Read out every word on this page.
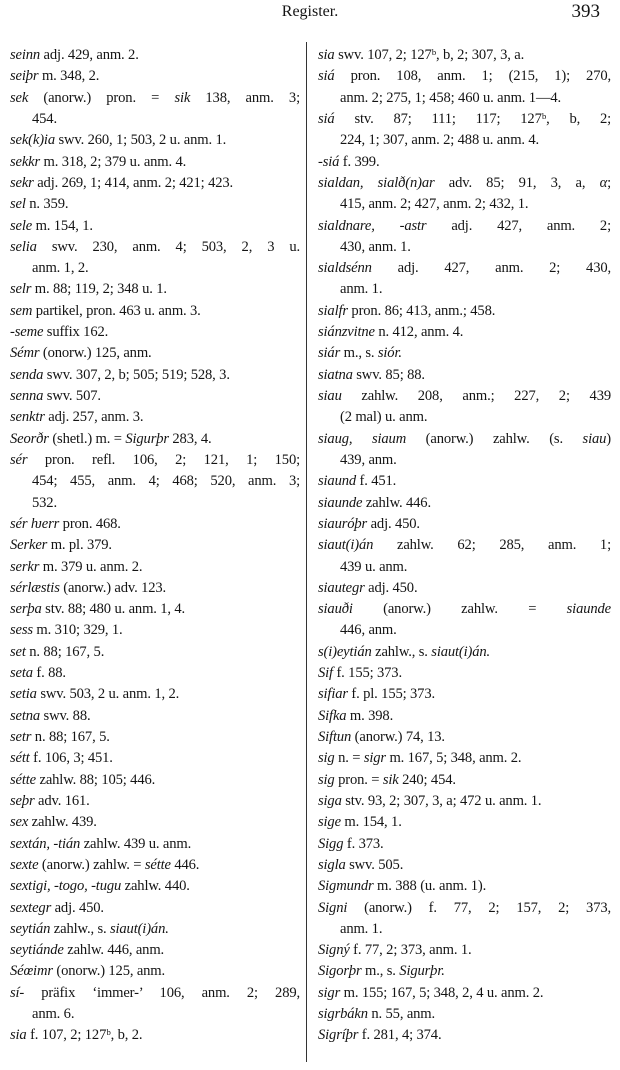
Register.	393
seinn adj. 429, anm. 2.
seiþr m. 348, 2.
sek (anorw.) pron. = sik 138, anm. 3;
454.
sek(k)ia swv. 260, 1; 503, 2 u. anm. 1.
sekkr m. 318, 2; 379 u. anm. 4.
sekr adj. 269, 1; 414, anm. 2; 421; 423.
sel n. 359.
sele m. 154, 1.
selia swv. 230, anm. 4; 503, 2, 3 u.
anm. 1, 2.
selr m. 88; 119, 2; 348 u. 1.
sem partikel, pron. 463 u. anm. 3.
-seme suffix 162.
Sémr (onorw.) 125, anm.
senda swv. 307, 2, b; 505; 519; 528, 3.
senna swv. 507.
senktr adj. 257, anm. 3.
Seorðr (shetl.) m. = Sigurþr 283, 4.
sér pron. refl. 106, 2; 121, 1; 150;
454; 455, anm. 4; 468; 520, anm. 3;
532.
sér ƕerr pron. 468.
Serker m. pl. 379.
serkr m. 379 u. anm. 2.
sérlæstis (anorw.) adv. 123.
serþa stv. 88; 480 u. anm. 1, 4.
sess m. 310; 329, 1.
set n. 88; 167, 5.
seta f. 88.
setia swv. 503, 2 u. anm. 1, 2.
setna swv. 88.
setr n. 88; 167, 5.
sétt f. 106, 3; 451.
sétte zahlw. 88; 105; 446.
seþr adv. 161.
sex zahlw. 439.
sextán, -tián zahlw. 439 u. anm.
sexte (anorw.) zahlw. = sétte 446.
sextigi, -togo, -tugu zahlw. 440.
sextegr adj. 450.
seytián zahlw., s. siaut(i)án.
seytiánde zahlw. 446, anm.
Séœimr (onorw.) 125, anm.
sí- präfix ‘immer-’ 106, anm. 2; 289,
anm. 6.
sia f. 107, 2; 127ᵇ, b, 2.
sia swv. 107, 2; 127ᵇ, b, 2; 307, 3, a.
siá pron. 108, anm. 1; (215, 1); 270,
anm. 2; 275, 1; 458; 460 u. anm. 1—4.
siá stv. 87; 111; 117; 127ᵇ, b, 2;
224, 1; 307, anm. 2; 488 u. anm. 4.
-siá f. 399.
sialdan, sialð(n)ar adv. 85; 91, 3, a, α;
415, anm. 2; 427, anm. 2; 432, 1.
sialdnare, -astr adj. 427, anm. 2;
430, anm. 1.
sialdsénn adj. 427, anm. 2; 430,
anm. 1.
sialfr pron. 86; 413, anm.; 458.
siánzvitne n. 412, anm. 4.
siár m., s. siór.
siatna swv. 85; 88.
siau zahlw. 208, anm.; 227, 2; 439
(2 mal) u. anm.
siaug, siaum (anorw.) zahlw. (s. siau)
439, anm.
siaund f. 451.
siaunde zahlw. 446.
siauróþr adj. 450.
siaut(i)án zahlw. 62; 285, anm. 1;
439 u. anm.
siautegr adj. 450.
siauði (anorw.) zahlw. = siaunde
446, anm.
s(i)eytián zahlw., s. siaut(i)án.
Sif f. 155; 373.
sifiar f. pl. 155; 373.
Sifka m. 398.
Siftun (anorw.) 74, 13.
sig n. = sigr m. 167, 5; 348, anm. 2.
sig pron. = sik 240; 454.
siga stv. 93, 2; 307, 3, a; 472 u. anm. 1.
sige m. 154, 1.
Sigg f. 373.
sigla swv. 505.
Sigmundr m. 388 (u. anm. 1).
Signi (anorw.) f. 77, 2; 157, 2; 373,
anm. 1.
Signý f. 77, 2; 373, anm. 1.
Sigorþr m., s. Sigurþr.
sigr m. 155; 167, 5; 348, 2, 4 u. anm. 2.
sigrbákn n. 55, anm.
Sigríþr f. 281, 4; 374.
